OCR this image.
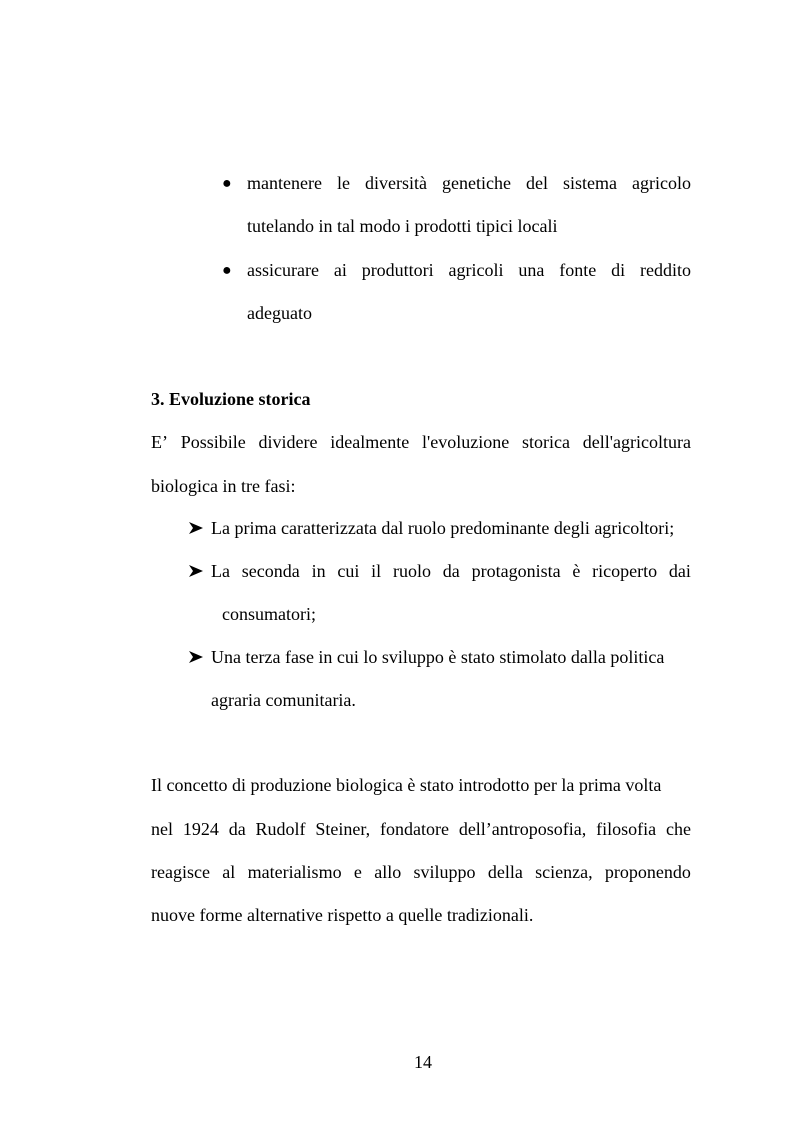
● mantenere le diversità genetiche del sistema agricolo
tutelando in tal modo i prodotti tipici locali
● assicurare ai produttori agricoli una fonte di reddito
adeguato
3. Evoluzione storica
E’ Possibile dividere idealmente l'evoluzione storica dell'agricoltura
biologica in tre fasi:
La prima caratterizzata dal ruolo predominante degli agricoltori;
La seconda in cui il ruolo da protagonista è ricoperto dai
consumatori;
Una terza fase in cui lo sviluppo è stato stimolato dalla politica
agraria comunitaria.
Il concetto di produzione biologica è stato introdotto per la prima volta
nel 1924 da Rudolf Steiner, fondatore dell’antroposofia, filosofia che
reagisce al materialismo e allo sviluppo della scienza, proponendo
nuove forme alternative rispetto a quelle tradizionali.
14
